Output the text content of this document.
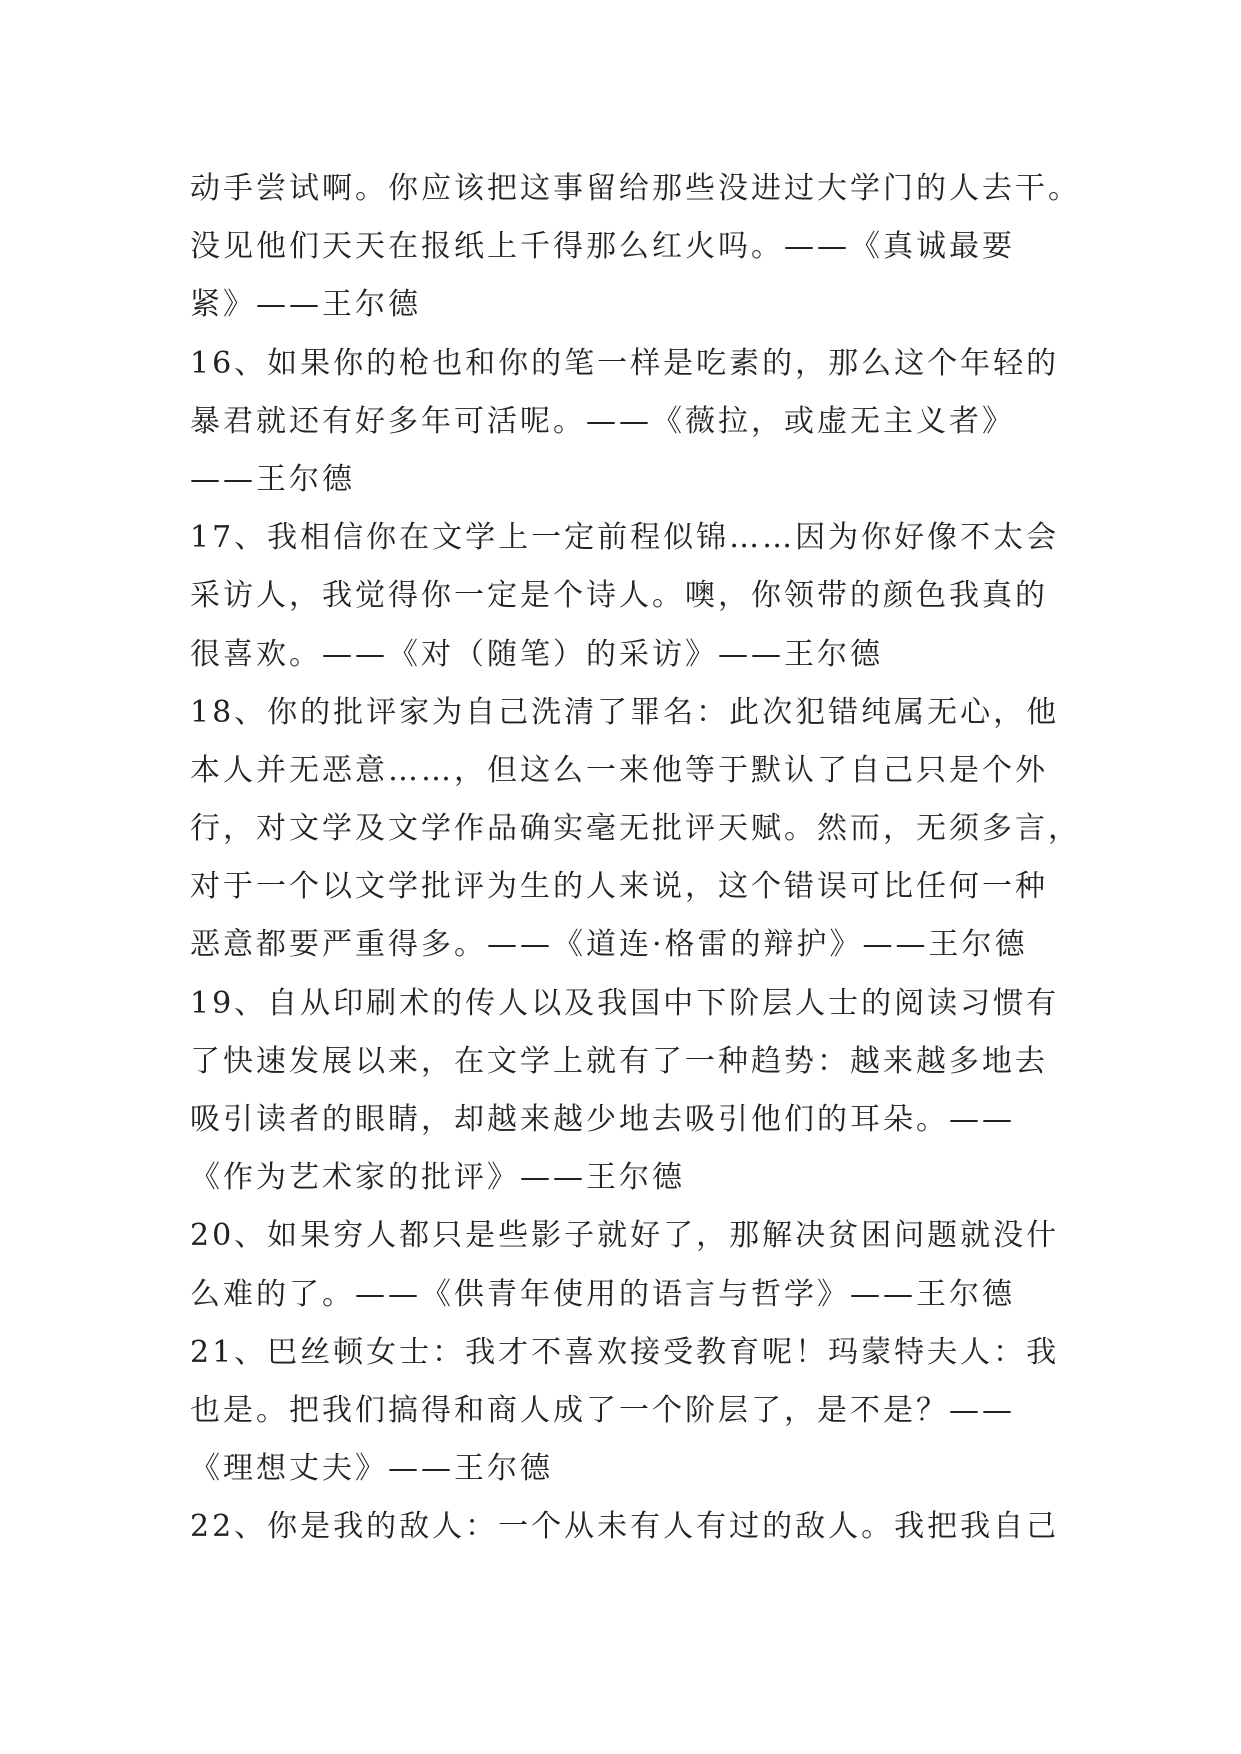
动手尝试啊。你应该把这事留给那些没进过大学门的人去干。
没见他们天天在报纸上千得那么红火吗。——《真诚最要
紧》——王尔德
16、如果你的枪也和你的笔一样是吃素的，那么这个年轻的
暴君就还有好多年可活呢。——《薇拉，或虚无主义者》
——王尔德
17、我相信你在文学上一定前程似锦……因为你好像不太会
采访人，我觉得你一定是个诗人。噢，你领带的颜色我真的
很喜欢。——《对（随笔）的采访》——王尔德
18、你的批评家为自己洗清了罪名：此次犯错纯属无心，他
本人并无恶意……，但这么一来他等于默认了自己只是个外
行，对文学及文学作品确实毫无批评天赋。然而，无须多言，
对于一个以文学批评为生的人来说，这个错误可比任何一种
恶意都要严重得多。——《道连·格雷的辩护》——王尔德
19、自从印刷术的传人以及我国中下阶层人士的阅读习惯有
了快速发展以来，在文学上就有了一种趋势：越来越多地去
吸引读者的眼睛，却越来越少地去吸引他们的耳朵。——
《作为艺术家的批评》——王尔德
20、如果穷人都只是些影子就好了，那解决贫困问题就没什
么难的了。——《供青年使用的语言与哲学》——王尔德
21、巴丝顿女士：我才不喜欢接受教育呢！玛蒙特夫人：我
也是。把我们搞得和商人成了一个阶层了，是不是？——
《理想丈夫》——王尔德
22、你是我的敌人：一个从未有人有过的敌人。我把我自己
